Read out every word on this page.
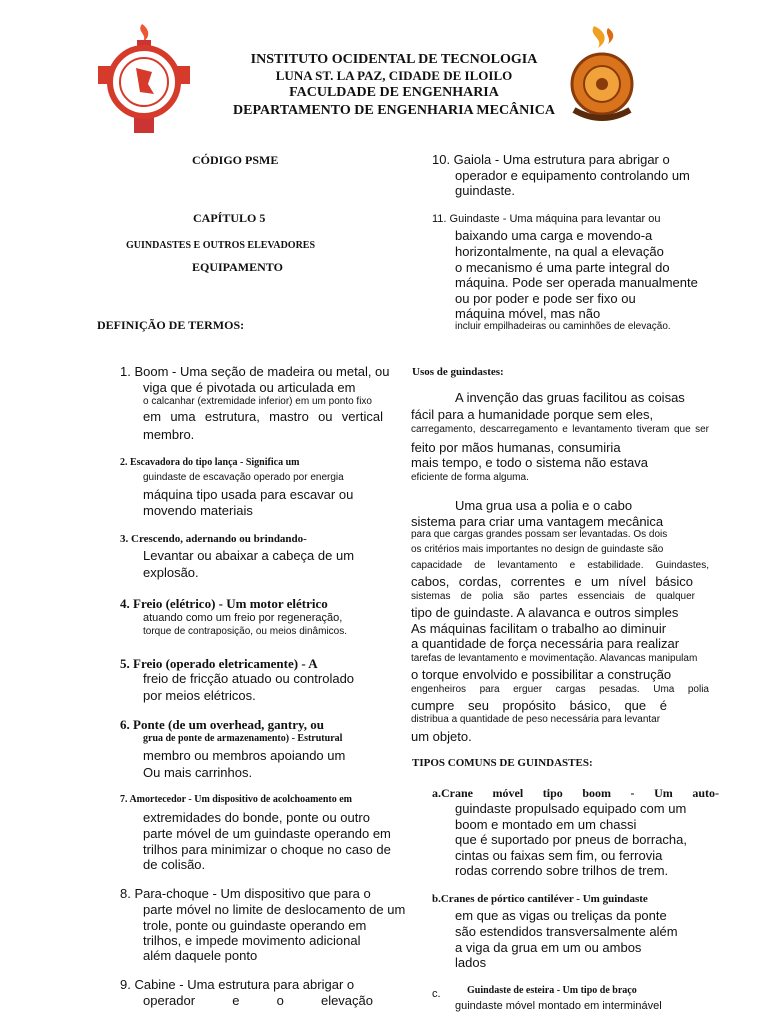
INSTITUTO OCIDENTAL DE TECNOLOGIA
LUNA ST. LA PAZ, CIDADE DE ILOILO
FACULDADE DE ENGENHARIA
DEPARTAMENTO DE ENGENHARIA MECÂNICA
CÓDIGO PSME
CAPÍTULO 5
GUINDASTES E OUTROS ELEVADORES
EQUIPAMENTO
DEFINIÇÃO DE TERMOS:
1. Boom - Uma seção de madeira ou metal, ou
viga que é pivotada ou articulada em
o calcanhar (extremidade inferior) em um ponto fixo
em uma estrutura, mastro ou vertical
membro.
2. Escavadora do tipo lança - Significa um
guindaste de escavação operado por energia
máquina tipo usada para escavar ou
movendo materiais
3. Crescendo, adernando ou brindando-
Levantar ou abaixar a cabeça de um
explosão.
4. Freio (elétrico) - Um motor elétrico
atuando como um freio por regeneração,
torque de contraposição, ou meios dinâmicos.
5. Freio (operado eletricamente) - A
freio de fricção atuado ou controlado
por meios elétricos.
6. Ponte (de um overhead, gantry, ou
grua de ponte de armazenamento) - Estrutural
membro ou membros apoiando um
Ou mais carrinhos.
7. Amortecedor - Um dispositivo de acolchoamento em
extremidades do bonde, ponte ou outro
parte móvel de um guindaste operando em
trilhos para minimizar o choque no caso de
de colisão.
8. Para-choque - Um dispositivo que para o
parte móvel no limite de deslocamento de um
trole, ponte ou guindaste operando em
trilhos, e impede movimento adicional
além daquele ponto
9. Cabine - Uma estrutura para abrigar o
operador e o elevação
10. Gaiola - Uma estrutura para abrigar o
operador e equipamento controlando um
guindaste.
11. Guindaste - Uma máquina para levantar ou
baixando uma carga e movendo-a
horizontalmente, na qual a elevação
o mecanismo é uma parte integral do
máquina. Pode ser operada manualmente
ou por poder e pode ser fixo ou
máquina móvel, mas não
incluir empilhadeiras ou caminhões de elevação.
Usos de guindastes:
A invenção das gruas facilitou as coisas
fácil para a humanidade porque sem eles,
carregamento, descarregamento e levantamento tiveram que ser
feito por mãos humanas, consumiria
mais tempo, e todo o sistema não estava
eficiente de forma alguma.
Uma grua usa a polia e o cabo
sistema para criar uma vantagem mecânica
para que cargas grandes possam ser levantadas. Os dois
os critérios mais importantes no design de guindaste são
capacidade de levantamento e estabilidade. Guindastes,
cabos, cordas, correntes e um nível básico
sistemas de polia são partes essenciais de qualquer
tipo de guindaste. A alavanca e outros simples
As máquinas facilitam o trabalho ao diminuir
a quantidade de força necessária para realizar
tarefas de levantamento e movimentação. Alavancas manipulam
o torque envolvido e possibilitar a construção
engenheiros para erguer cargas pesadas. Uma polia
cumpre seu propósito básico, que é
distribua a quantidade de peso necessária para levantar
um objeto.
TIPOS COMUNS DE GUINDASTES:
a.Crane móvel tipo boom - Um auto-
guindaste propulsado equipado com um
boom e montado em um chassi
que é suportado por pneus de borracha,
cintas ou faixas sem fim, ou ferrovia
rodas correndo sobre trilhos de trem.
b.Cranes de pórtico cantiléver - Um guindaste
em que as vigas ou treliças da ponte
são estendidos transversalmente além
a viga da grua em um ou ambos
lados
c.	Guindaste de esteira - Um tipo de braço
guindaste móvel montado em interminável
